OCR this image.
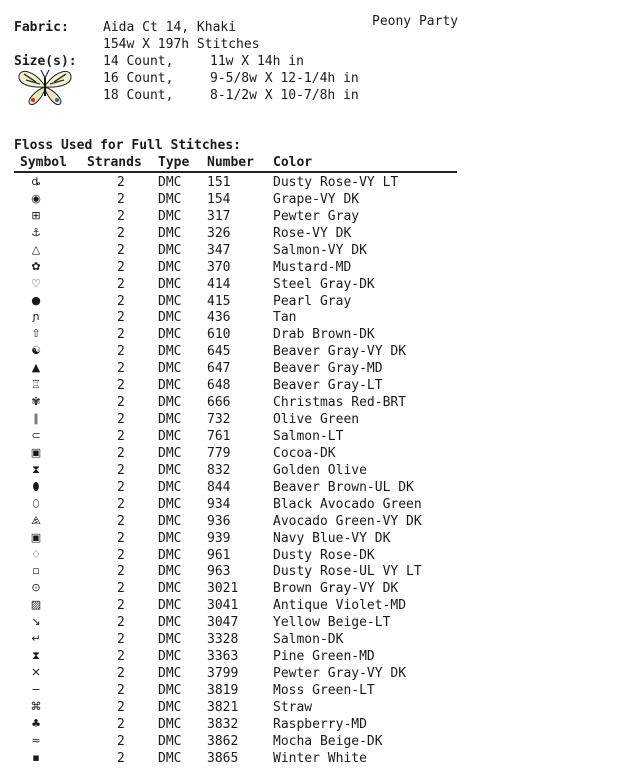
Fabric:	Aida Ct 14, Khaki	Peony Party
154w X 197h Stitches
Size(s): 14 Count,	11w X 14h in
16 Count,	9-5/8w X 12-1/4h in
18 Count,	8-1/2w X 10-7/8h in
Floss Used for Full Stitches:
Symbol Strands Type Number Color
ȡ	2	DMC 151	Dusty Rose-VY LT
◉	2	DMC 154	Grape-VY DK
⊞	2	DMC 317	Pewter Gray
⚓	2	DMC 326	Rose-VY DK
△	2	DMC 347	Salmon-VY DK
✿	2	DMC 370	Mustard-MD
♡	2	DMC 414	Steel Gray-DK
●	2	DMC 415	Pearl Gray
ɲ	2	DMC 436	Tan
⇧	2	DMC 610	Drab Brown-DK
☯	2	DMC 645	Beaver Gray-VY DK
▲	2	DMC 647	Beaver Gray-MD
♖	2	DMC 648	Beaver Gray-LT
✾	2	DMC 666	Christmas Red-BRT
∥	2	DMC 732	Olive Green
⊂	2	DMC 761	Salmon-LT
▣	2	DMC 779	Cocoa-DK
⧗	2	DMC 832	Golden Olive
⬮	2	DMC 844	Beaver Brown-UL DK
⬯	2	DMC 934	Black Avocado Green
⧌	2	DMC 936	Avocado Green-VY DK
▣	2	DMC 939	Navy Blue-VY DK
♢	2	DMC 961	Dusty Rose-DK
▫	2	DMC 963	Dusty Rose-UL VY LT
⊙	2	DMC 3021	Brown Gray-VY DK
▨	2	DMC 3041	Antique Violet-MD
↘	2	DMC 3047	Yellow Beige-LT
↵	2	DMC 3328	Salmon-DK
⧗	2	DMC 3363	Pine Green-MD
✕	2	DMC 3799	Pewter Gray-VY DK
−	2	DMC 3819	Moss Green-LT
⌘	2	DMC 3821	Straw
♣	2	DMC 3832	Raspberry-MD
≈	2	DMC 3862	Mocha Beige-DK
▪	2	DMC 3865	Winter White
